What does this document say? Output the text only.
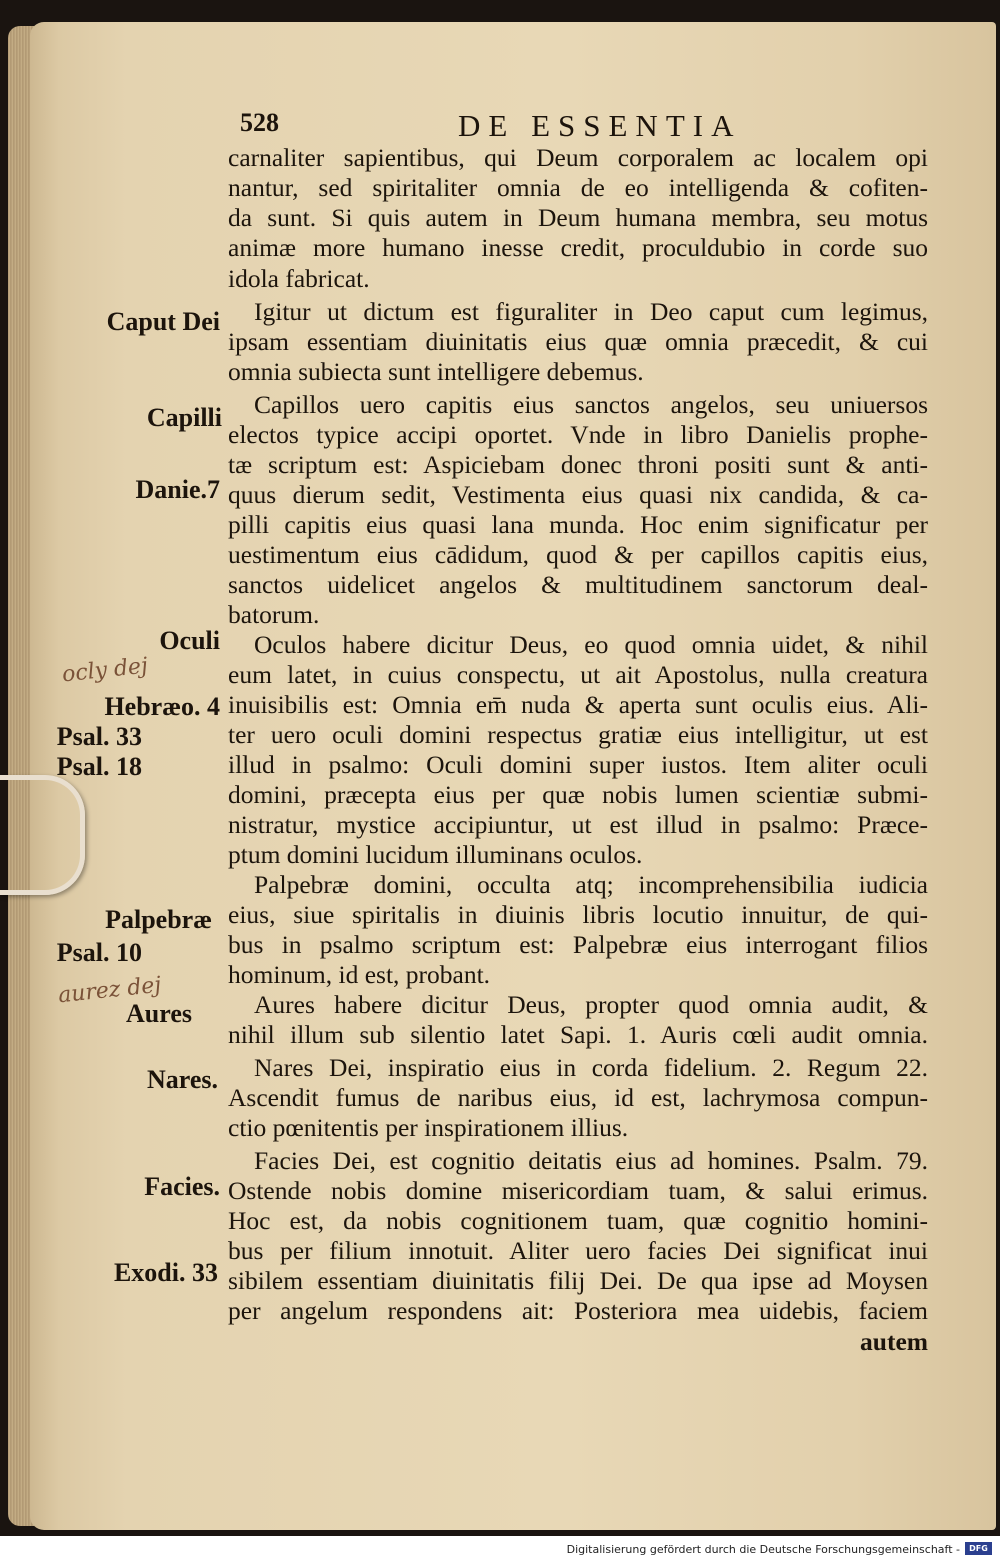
528	DE ESSENTIA
carnaliter sapientibus, qui Deum corporalem ac localem opi
nantur, sed spiritaliter omnia de eo intelligenda & cofiten-
da sunt. Si quis autem in Deum humana membra, seu motus
animæ more humano inesse credit, proculdubio in corde suo
idola fabricat.
Igitur ut dictum est figuraliter in Deo caput cum legimus,
ipsam essentiam diuinitatis eius quæ omnia præcedit, & cui
omnia subiecta sunt intelligere debemus.
Capillos uero capitis eius sanctos angelos, seu uniuersos
electos typice accipi oportet. Vnde in libro Danielis prophe-
tæ scriptum est: Aspiciebam donec throni positi sunt & anti-
quus dierum sedit, Vestimenta eius quasi nix candida, & ca-
pilli capitis eius quasi lana munda. Hoc enim significatur per
uestimentum eius cādidum, quod & per capillos capitis eius,
sanctos uidelicet angelos & multitudinem sanctorum deal-
batorum.
Oculos habere dicitur Deus, eo quod omnia uidet, & nihil
eum latet, in cuius conspectu, ut ait Apostolus, nulla creatura
inuisibilis est: Omnia em̄ nuda & aperta sunt oculis eius. Ali-
ter uero oculi domini respectus gratiæ eius intelligitur, ut est
illud in psalmo: Oculi domini super iustos. Item aliter oculi
domini, præcepta eius per quæ nobis lumen scientiæ submi-
nistratur, mystice accipiuntur, ut est illud in psalmo: Præce-
ptum domini lucidum illuminans oculos.
Palpebræ domini, occulta atq; incomprehensibilia iudicia
eius, siue spiritalis in diuinis libris locutio innuitur, de qui-
bus in psalmo scriptum est: Palpebræ eius interrogant filios
hominum, id est, probant.
Aures habere dicitur Deus, propter quod omnia audit, &
nihil illum sub silentio latet Sapi. 1. Auris cœli audit omnia.
Nares Dei, inspiratio eius in corda fidelium. 2. Regum 22.
Ascendit fumus de naribus eius, id est, lachrymosa compun-
ctio pœnitentis per inspirationem illius.
Facies Dei, est cognitio deitatis eius ad homines. Psalm. 79.
Ostende nobis domine misericordiam tuam, & salui erimus.
Hoc est, da nobis cognitionem tuam, quæ cognitio homini-
bus per filium innotuit. Aliter uero facies Dei significat inui
sibilem essentiam diuinitatis filij Dei. De qua ipse ad Moysen
per angelum respondens ait: Posteriora mea uidebis, faciem
autem
Caput Dei
Capilli
Danie.7
Oculi
Hebræo. 4
Psal. 33
Psal. 18
Palpebræ
Psal. 10
Aures
Nares.
Facies.
Exodi. 33
ocly dej
aurez dej
Digitalisierung gefördert durch die Deutsche Forschungsgemeinschaft -	DFG
